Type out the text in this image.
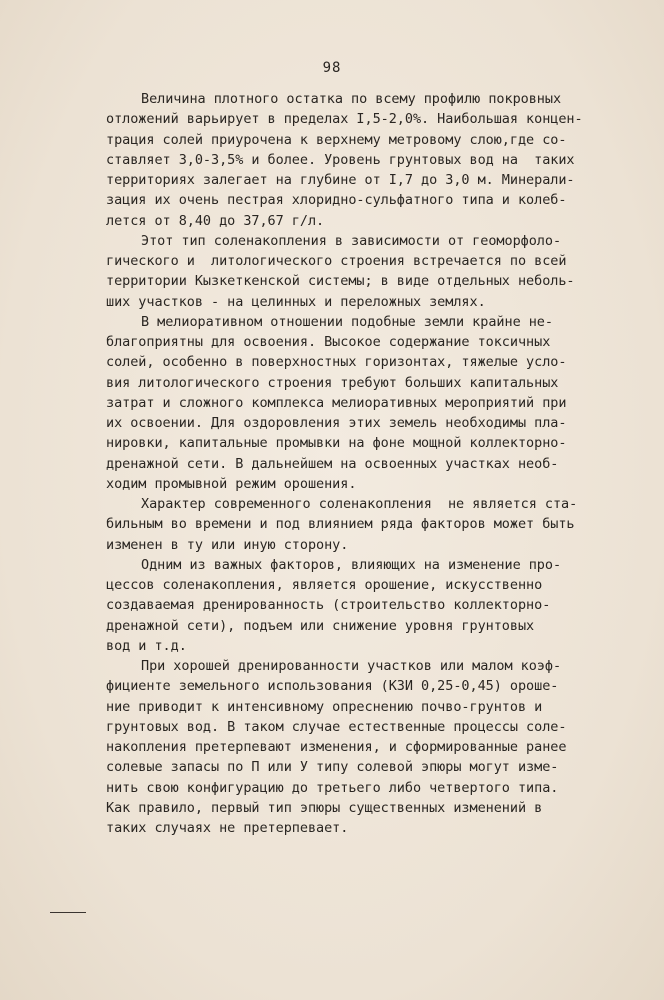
98
Величина плотного остатка по всему профилю покровных
отложений варьирует в пределах I,5-2,0%. Наибольшая концен-
трация солей приурочена к верхнему метровому слою,где со-
ставляет 3,0-3,5% и более. Уровень грунтовых вод на  таких
территориях залегает на глубине от I,7 до 3,0 м. Минерали-
зация их очень пестрая хлоридно-сульфатного типа и колеб-
лется от 8,40 до 37,67 г/л.
Этот тип соленакопления в зависимости от геоморфоло-
гического и  литологического строения встречается по всей
территории Кызкеткенской системы; в виде отдельных неболь-
ших участков - на целинных и переложных землях.
В мелиоративном отношении подобные земли крайне не-
благоприятны для освоения. Высокое содержание токсичных
солей, особенно в поверхностных горизонтах, тяжелые усло-
вия литологического строения требуют больших капитальных
затрат и сложного комплекса мелиоративных мероприятий при
их освоении. Для оздоровления этих земель необходимы пла-
нировки, капитальные промывки на фоне мощной коллекторно-
дренажной сети. В дальнейшем на освоенных участках необ-
ходим промывной режим орошения.
Характер современного соленакопления  не является ста-
бильным во времени и под влиянием ряда факторов может быть
изменен в ту или иную сторону.
Одним из важных факторов, влияющих на изменение про-
цессов соленакопления, является орошение, искусственно
создаваемая дренированность (строительство коллекторно-
дренажной сети), подъем или снижение уровня грунтовых
вод и т.д.
При хорошей дренированности участков или малом коэф-
фициенте земельного использования (КЗИ 0,25-0,45) ороше-
ние приводит к интенсивному опреснению почво-грунтов и
грунтовых вод. В таком случае естественные процессы соле-
накопления претерпевают изменения, и сформированные ранее
солевые запасы по П или У типу солевой эпюры могут изме-
нить свою конфигурацию до третьего либо четвертого типа.
Как правило, первый тип эпюры существенных изменений в
таких случаях не претерпевает.
